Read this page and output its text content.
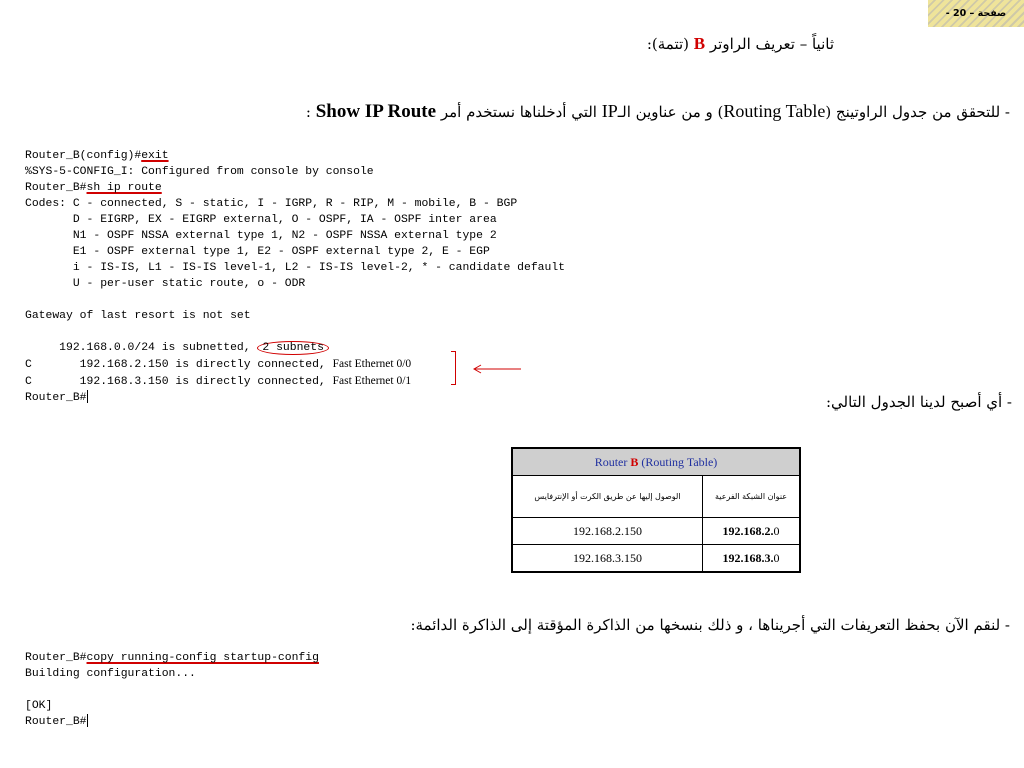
صفحة – 20 -
ثانياً – تعريف الراوتر B (تتمة):
- للتحقق من جدول الراوتينج (Routing Table) و من عناوين الـIP التي أدخلناها نستخدم أمر Show IP Route :
Router_B(config)#exit
%SYS-5-CONFIG_I: Configured from console by console
Router_B#sh ip route
Codes: C - connected, S - static, I - IGRP, R - RIP, M - mobile, B - BGP
D - EIGRP, EX - EIGRP external, O - OSPF, IA - OSPF inter area
N1 - OSPF NSSA external type 1, N2 - OSPF NSSA external type 2
E1 - OSPF external type 1, E2 - OSPF external type 2, E - EGP
i - IS-IS, L1 - IS-IS level-1, L2 - IS-IS level-2, * - candidate default
U - per-user static route, o - ODR

Gateway of last resort is not set

192.168.0.0/24 is subnetted, 2 subnets
C       192.168.2.150 is directly connected, Fast Ethernet 0/0
C       192.168.3.150 is directly connected, Fast Ethernet 0/1
Router_B#	- أي أصبح لدينا الجدول التالي:
Router B (Routing Table)	
الوصول إليها عن طريق الكرت أو الإنترفايس	عنوان الشبكة الفرعية
192.168.2.150	192.168.2.0
192.168.3.150	192.168.3.0
- لنقم الآن بحفظ التعريفات التي أجريناها ، و ذلك بنسخها من الذاكرة المؤقتة إلى الذاكرة الدائمة:
Router_B#copy running-config startup-config
Building configuration...

[OK]
Router_B#
